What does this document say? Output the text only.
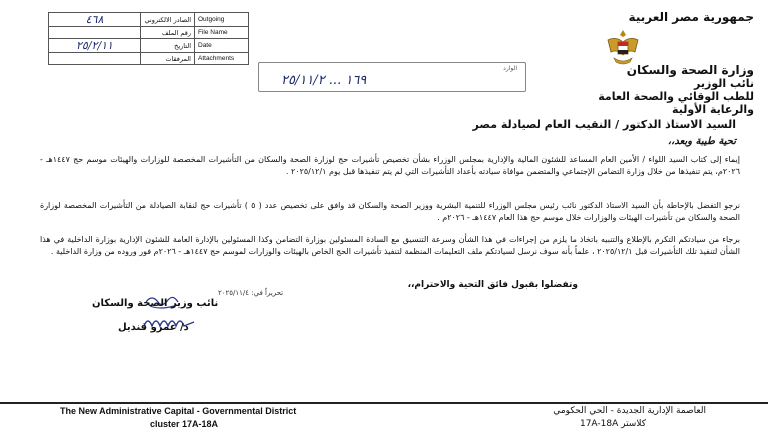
جمهورية مصر العربية
وزارة الصحة والسكان
نائب الوزير
للطب الوقائي والصحة العامة
والرعاية الأولية
٤٦٨	الصادر الالكتروني	Outgoing
	رقم الملف	File Name
٢٥/٢/١١	التاريخ	Date
	المرفقات	Attachments
الوارد
١٦٩ ... ٢٥/١١/٢
السيد الاستاذ الدكتور / النقيب العام لصيادلة مصر
تحية طيبة وبعد،،
إيماء إلى كتاب السيد اللواء / الأمين العام المساعد للشئون المالية والإدارية بمجلس الوزراء بشأن تخصيص تأشيرات حج لوزارة الصحة والسكان من التأشيرات المخصصة للوزارات والهيئات موسم حج ١٤٤٧هـ - ٢٠٢٦م، يتم تنفيذها من خلال وزارة التضامن الإجتماعي والمتضمن موافاة سيادته بأعداد التأشيرات التي لم يتم تنفيذها قبل يوم ٢٠٢٥/١٢/١ .
نرجو التفضل بالإحاطة بأن السيد الاستاذ الدكتور نائب رئيس مجلس الوزراء للتنمية البشرية ووزير الصحة والسكان قد وافق على تخصيص عدد ( ٥ ) تأشيرات حج لنقابة الصيادلة من التأشيرات المخصصة لوزارة الصحة والسكان من تأشيرات الهيئات والوزارات خلال موسم حج هذا العام ١٤٤٧هـ - ٢٠٢٦م .
برجاء من سيادتكم التكرم بالإطلاع والتنبيه باتخاذ ما يلزم من إجراءات في هذا الشأن وسرعة التنسيق مع السادة المسئولين بوزارة التضامن وكذا المسئولين بالإدارة العامة للشئون الإدارية بوزارة الداخلية في هذا الشأن لتنفيذ تلك التأشيرات قبل ٢٠٢٥/١٢/١ ، علماً بأنه سوف نرسل لسيادتكم ملف التعليمات المنظمة لتنفيذ تأشيرات الحج الخاص بالهيئات والوزارات لموسم حج ١٤٤٧هـ - ٢٠٢٦م فور وروده من وزارة الداخلية .
وتفضلوا بقبول فائق التحية والاحترام،،
تحريراً في: ٢٠٢٥/١١/٤
نائب وزير الصحة والسكان
د/ عمرو قنديل
The New Administrative Capital - Governmental District
cluster 17A-18A
العاصمة الإدارية الجديدة - الحي الحكومي
كلاستر 17A-18A
